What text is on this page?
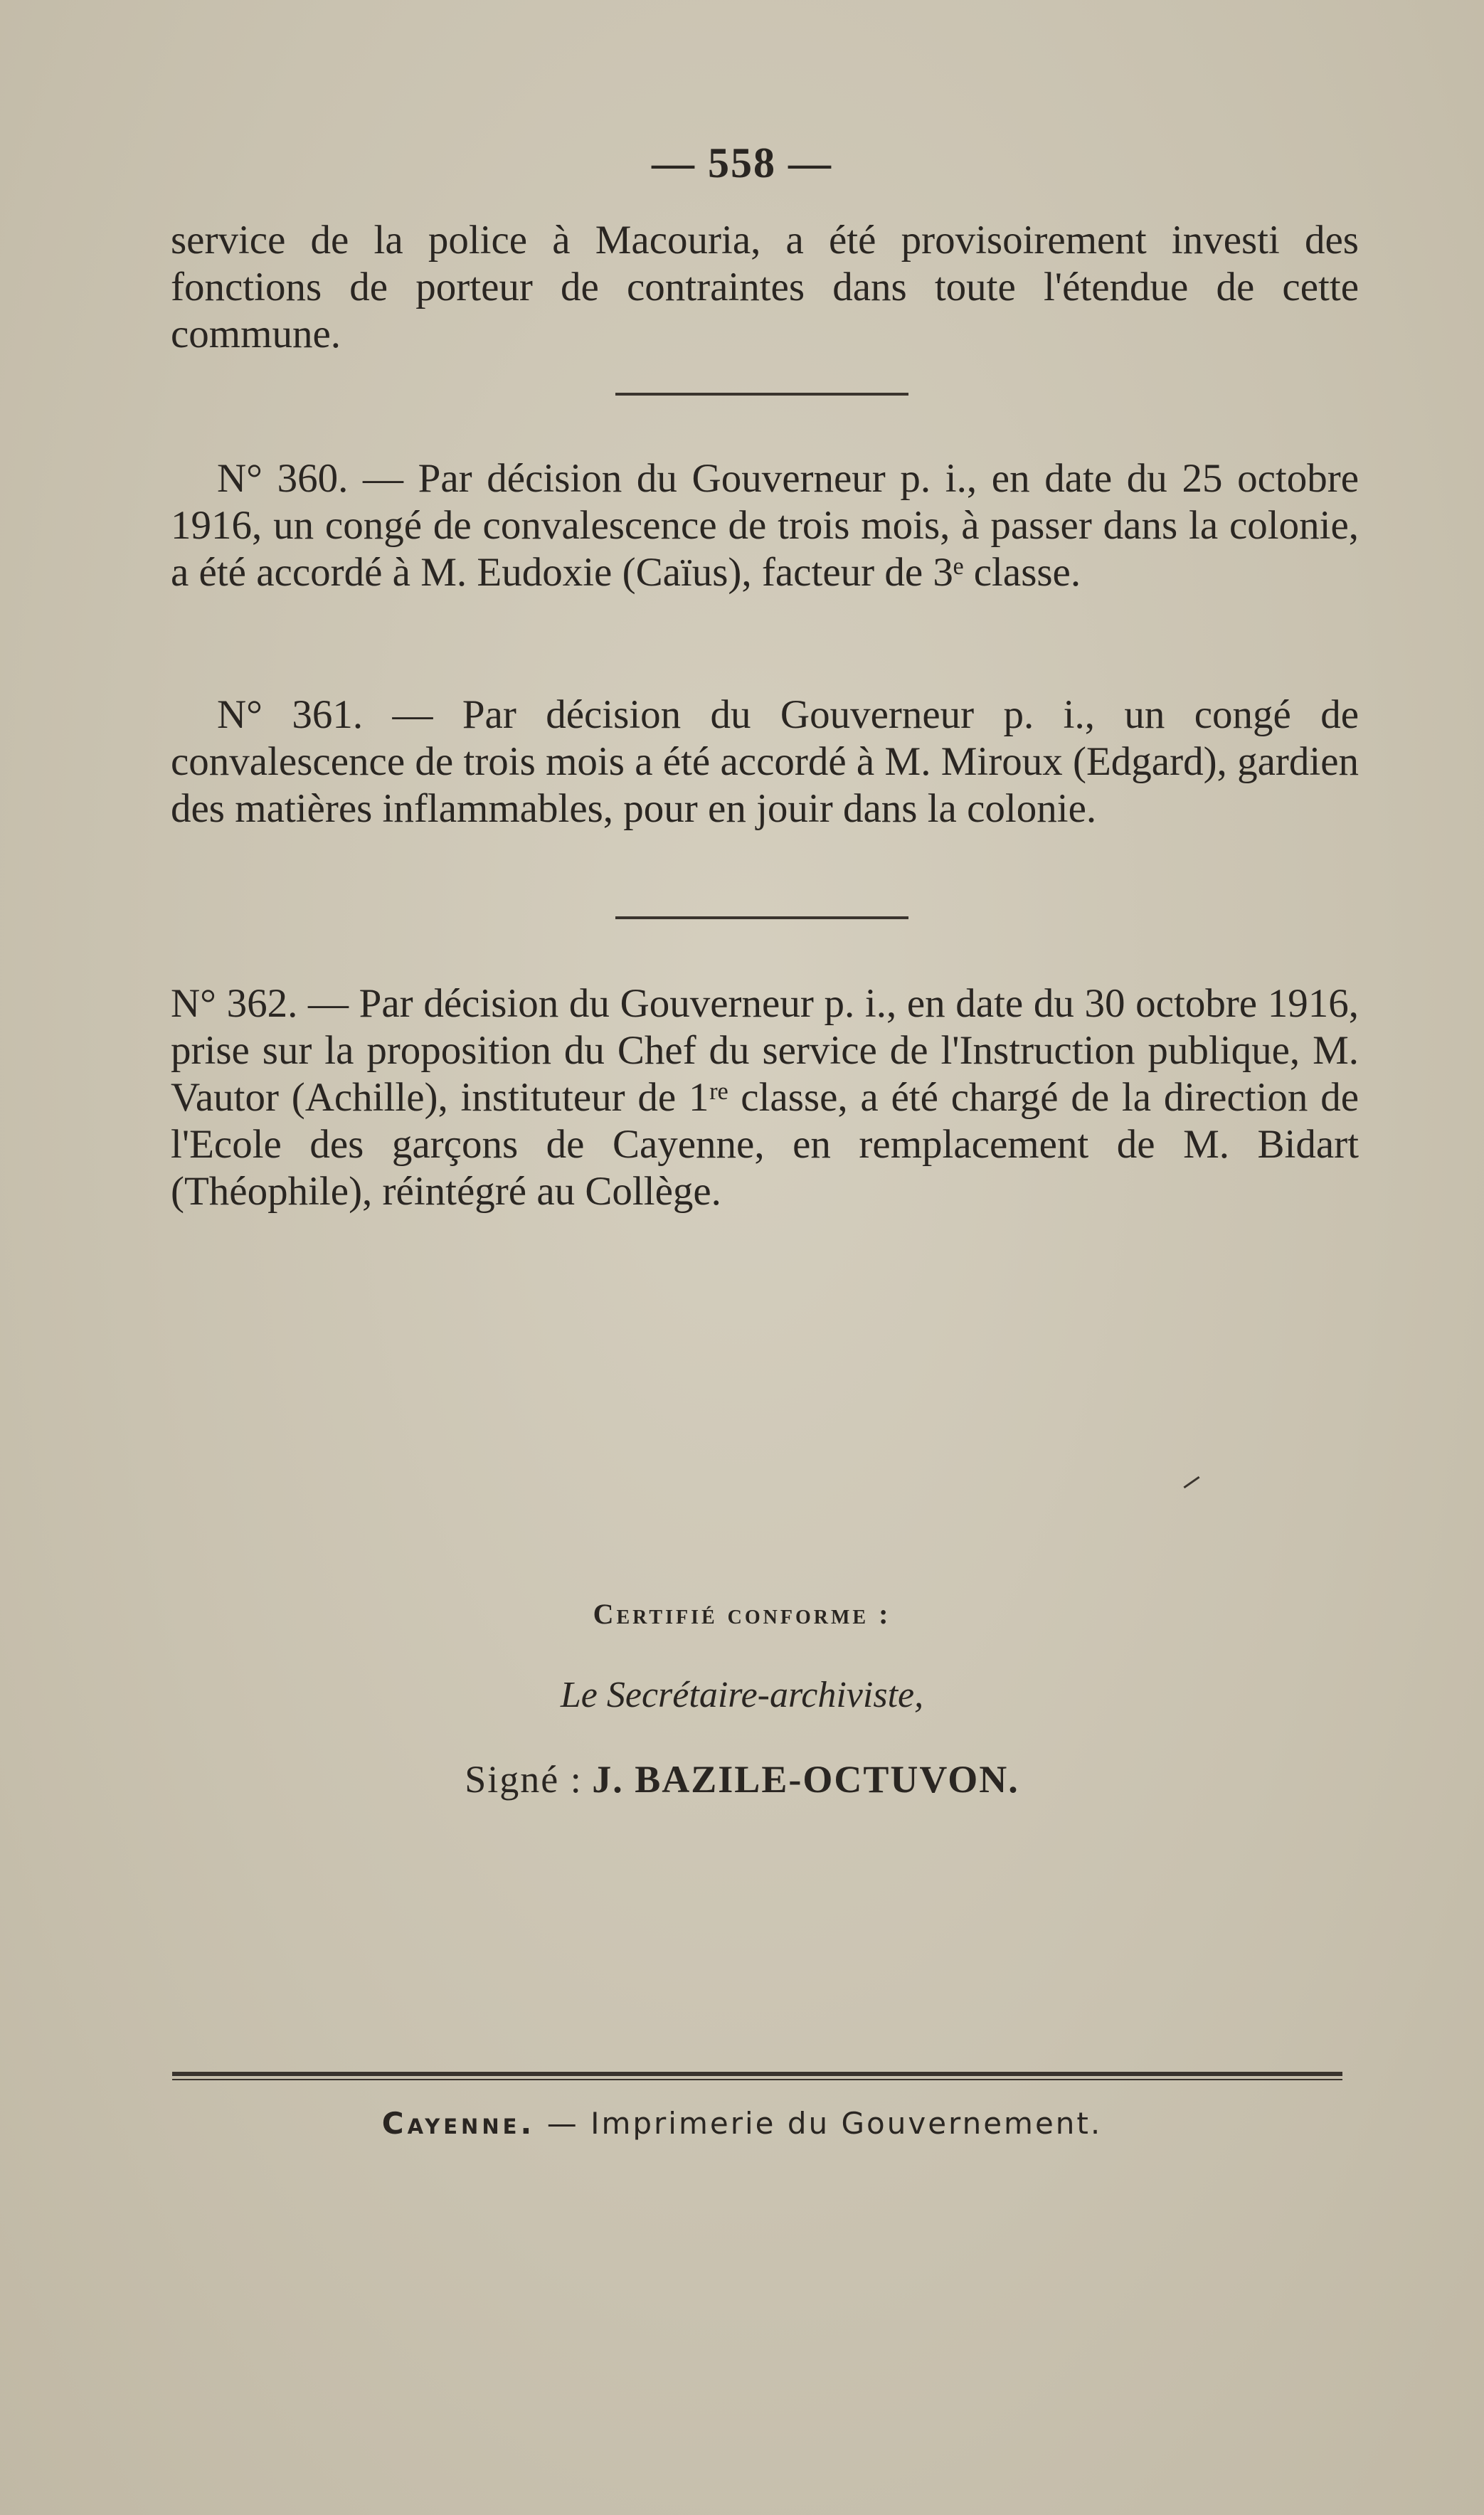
— 558 —
service de la police à Macouria, a été provisoirement investi des fonctions de porteur de contraintes dans toute l'étendue de cette commune.
N° 360. — Par décision du Gouverneur p. i., en date du 25 octobre 1916, un congé de convalescence de trois mois, à passer dans la colonie, a été accordé à M. Eudoxie (Caïus), facteur de 3ᵉ classe.
N° 361. — Par décision du Gouverneur p. i., un congé de convalescence de trois mois a été accordé à M. Miroux (Edgard), gardien des matières inflammables, pour en jouir dans la colonie.
N° 362. — Par décision du Gouverneur p. i., en date du 30 octobre 1916, prise sur la proposition du Chef du service de l'Instruction publique, M. Vautor (Achille), instituteur de 1ʳᵉ classe, a été chargé de la direction de l'Ecole des garçons de Cayenne, en remplacement de M. Bidart (Théophile), réintégré au Collège.
Certifié conforme :
Le Secrétaire-archiviste,
Signé : J. BAZILE-OCTUVON.
Cayenne. — Imprimerie du Gouvernement.
